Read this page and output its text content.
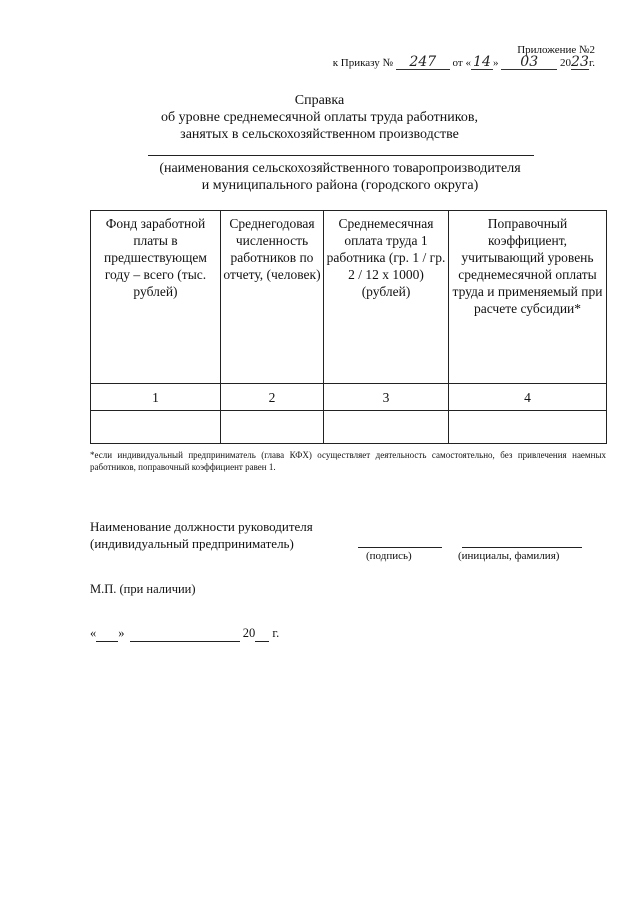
Приложение №2
к Приказу № 247 от « 14 » 03 2023г.
Справка
об уровне среднемесячной оплаты труда работников,
занятых в сельскохозяйственном производстве
(наименования сельскохозяйственного товаропроизводителя
и муниципального района (городского округа)
Фонд заработной платы в предшествующем году – всего (тыс. рублей)	Среднегодовая численность работников по отчету, (человек)	Среднемесячная оплата труда 1 работника (гр. 1 / гр. 2 / 12 х 1000) (рублей)	Поправочный коэффициент, учитывающий уровень среднемесячной оплаты труда и применяемый при расчете субсидии*
1	2	3	4

*если индивидуальный предприниматель (глава КФХ) осуществляет деятельность самостоятельно, без привлечения наемных работников, поправочный коэффициент равен 1.
Наименование должности руководителя
(индивидуальный предприниматель)
(подпись)	(инициалы, фамилия)
М.П. (при наличии)
« »	20 г.
